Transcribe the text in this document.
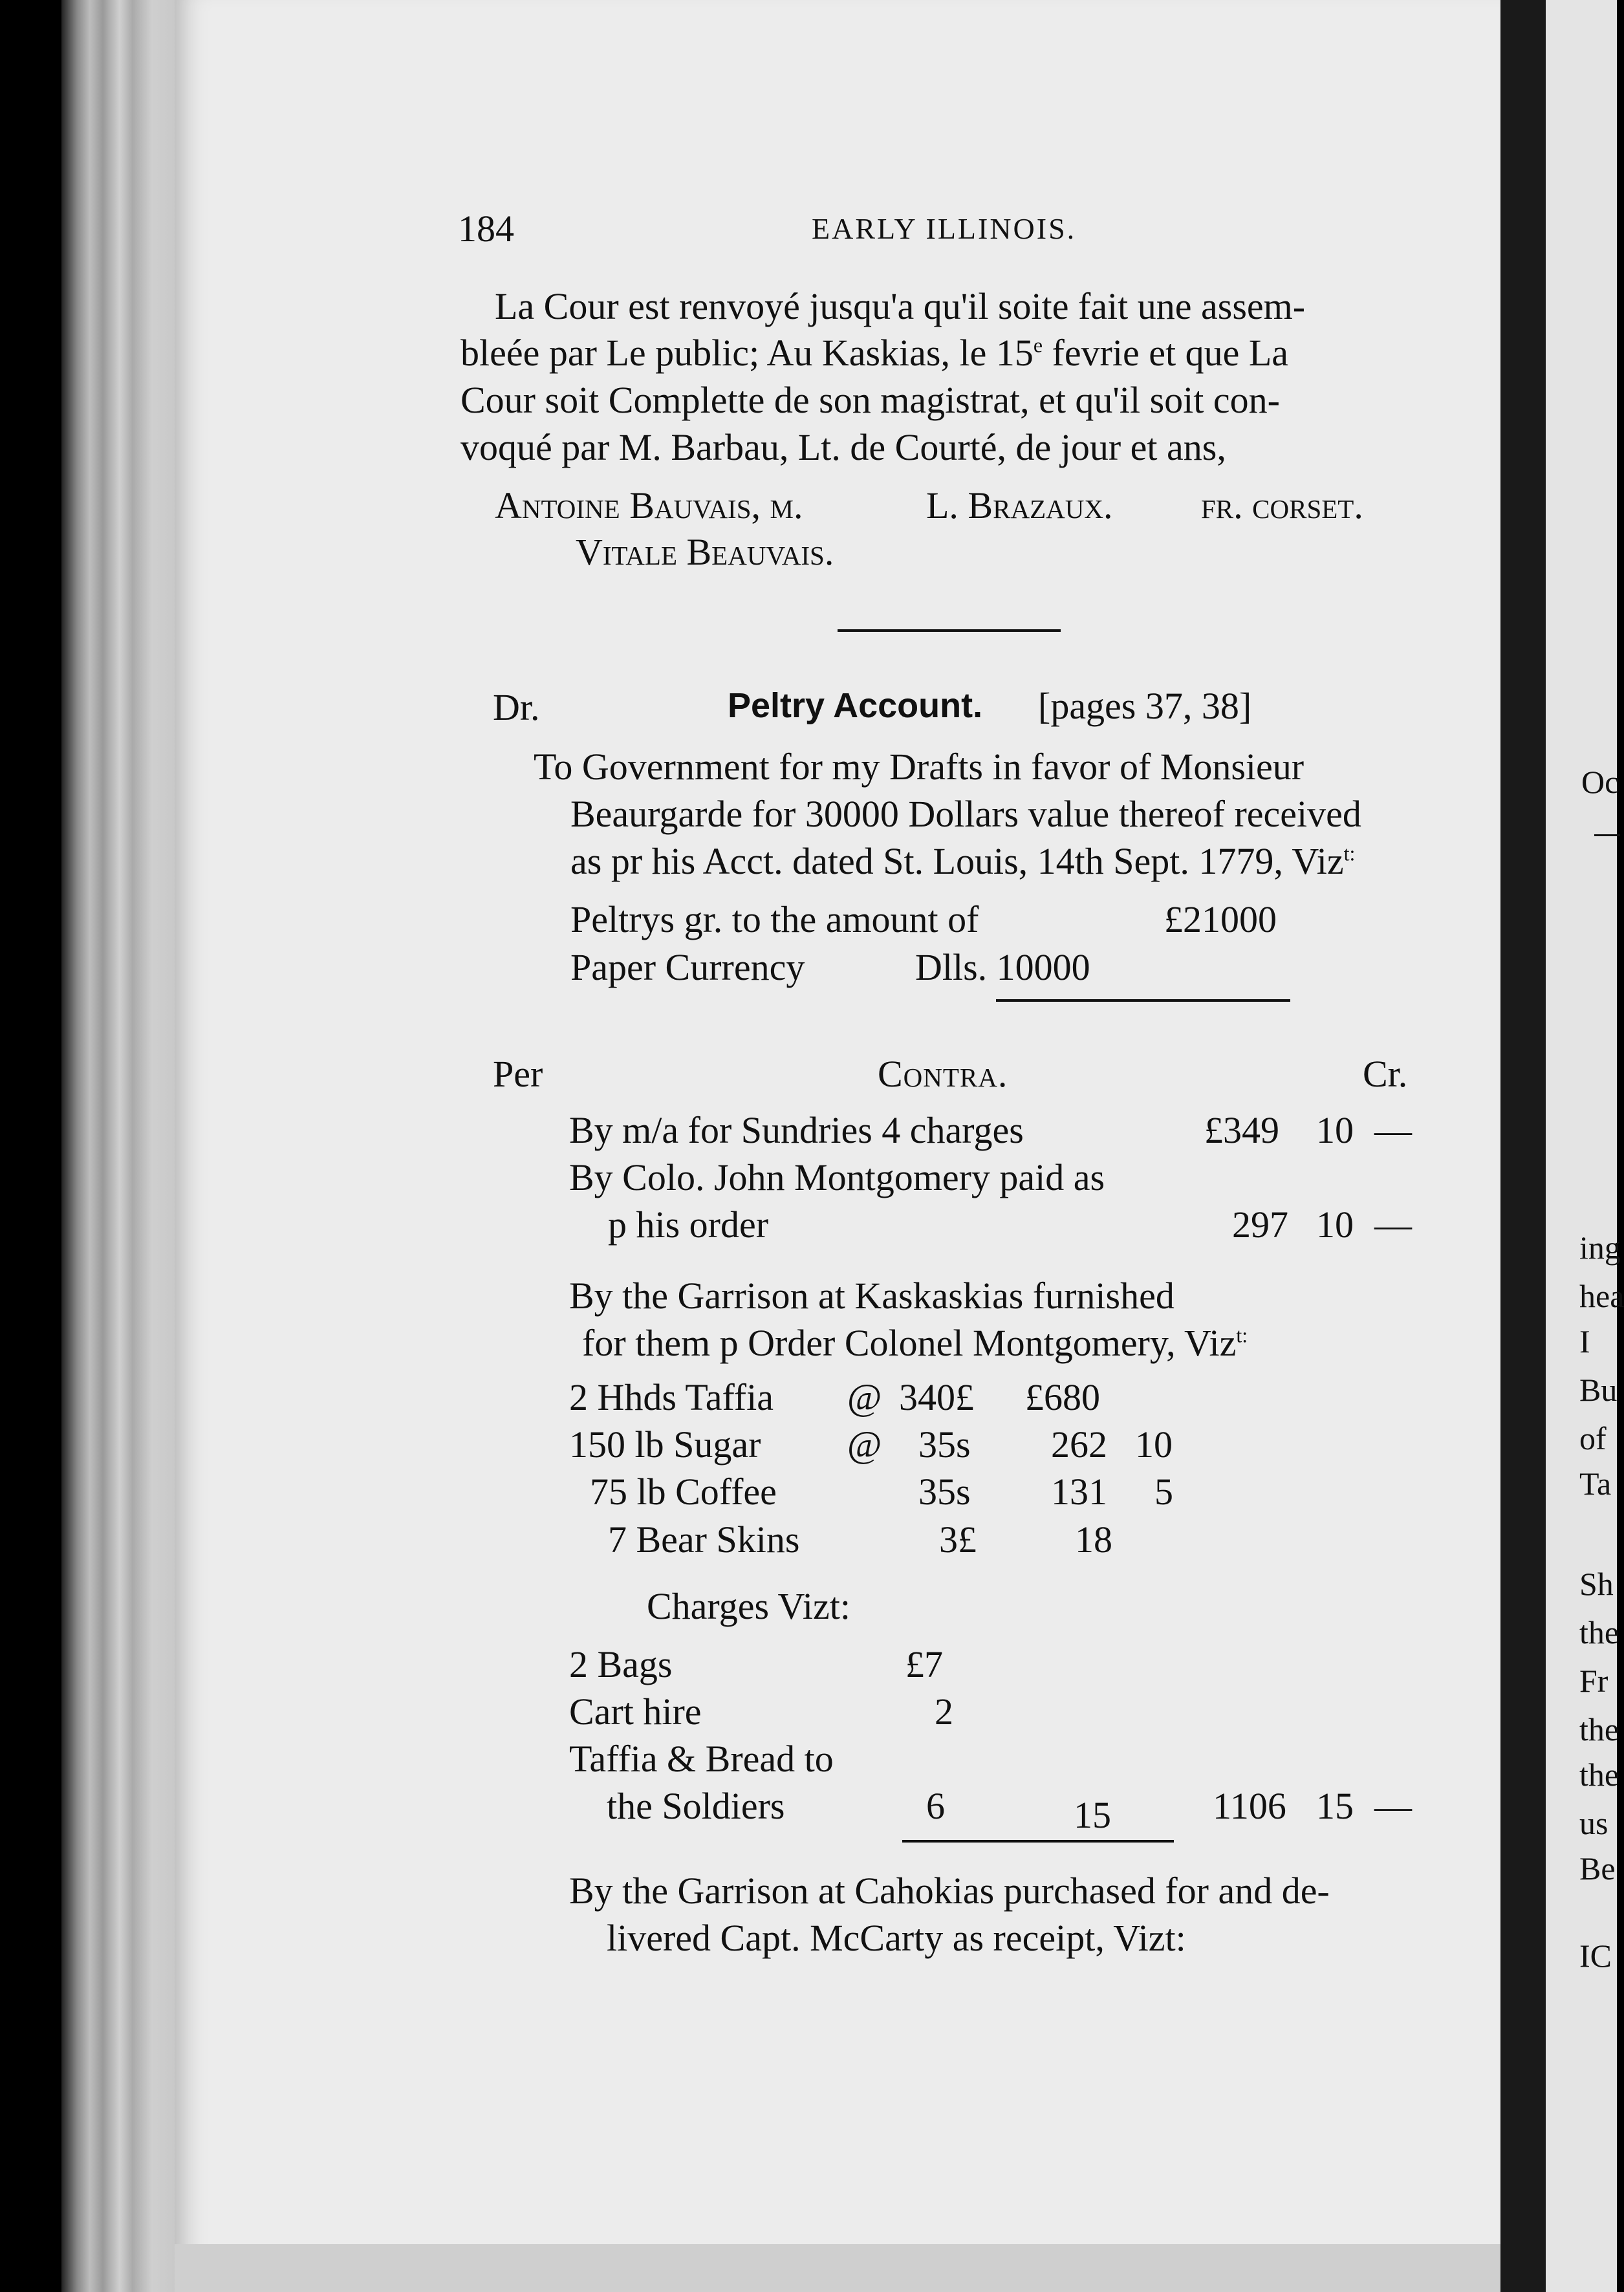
Oc
ing
hea
I
Bu
of
Ta
Sh
the
Fr
the
the
us
Be
IC
184	EARLY ILLINOIS.
La Cour est renvoyé jusqu'a qu'il soite fait une assem-
bleée par Le public; Au Kaskias, le 15e fevrie et que La
Cour soit Complette de son magistrat, et qu'il soit con-
voqué par M. Barbau, Lt. de Courté, de jour et ans,
Antoine Bauvais, m.	L. Brazaux. fr. corset.
Vitale Beauvais.
Dr.	Peltry Account. [pages 37, 38]
To Government for my Drafts in favor of Monsieur
Beaurgarde for 30000 Dollars value thereof received
as pr his Acct. dated St. Louis, 14th Sept. 1779, Viz$^{t:}$
Peltrys gr. to the amount of	£21000
Paper Currency	Dlls. 10000
Per	Contra.	Cr.
By m/a for Sundries 4 charges	£349 10 —
By Colo. John Montgomery paid as
p his order	297 10 —
By the Garrison at Kaskaskias furnished
for them p Order Colonel Montgomery, Viz$^{t:}$
2 Hhds Taffia @ 340£ £680
150 lb Sugar @ 35s 262 10
75 lb Coffee	35s 131 5
7 Bear Skins	3£	18
Charges Vizt:
2 Bags	£7
Cart hire	2
Taffia & Bread to
the Soldiers	6	15	1106 15 —
By the Garrison at Cahokias purchased for and de-
livered Capt. McCarty as receipt, Vizt:
